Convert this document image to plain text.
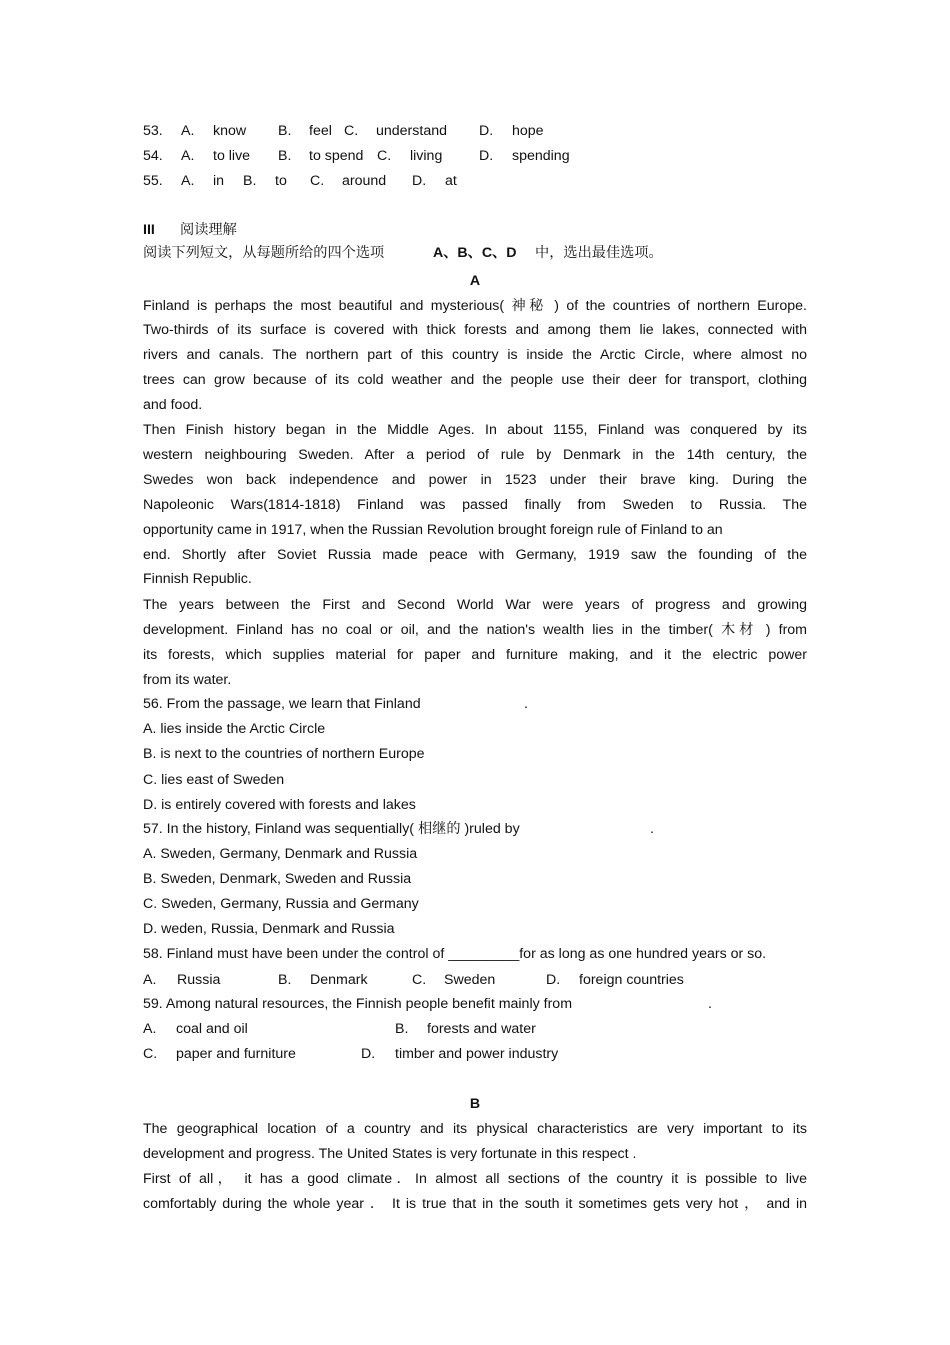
53. A. know B. feel C. understand D. hope
54. A. to live B. to spend C. living	D. spending
55. A. in B. to C. around D. at
III 阅读理解
阅读下列短文，从每题所给的四个选项	A、B、C、D 中，选出最佳选项。
A
Finland is perhaps the most beautiful and mysterious( 神秘 ) of the countries of northern Europe.
Two-thirds of its surface is covered with thick forests and among them lie lakes, connected with
rivers and canals. The northern part of this country is inside the Arctic Circle, where almost no
trees can grow because of its cold weather and the people use their deer for transport, clothing
and food.
Then Finish history began in the Middle Ages. In about 1155, Finland was conquered by its
western neighbouring Sweden. After a period of rule by Denmark in the 14th century, the
Swedes won back independence and power in 1523 under their brave king. During the
Napoleonic Wars(1814-1818) Finland was passed finally from Sweden to Russia. The
opportunity came in 1917, when the Russian Revolution brought foreign rule of Finland to an
end. Shortly after Soviet Russia made peace with Germany, 1919 saw the founding of the
Finnish Republic.
The years between the First and Second World War were years of progress and growing
development. Finland has no coal or oil, and the nation's wealth lies in the timber( 木材 ) from
its forests, which supplies material for paper and furniture making, and it the electric power
from its water.
56. From the passage, we learn that Finland	.
A. lies inside the Arctic Circle
B. is next to the countries of northern Europe
C. lies east of Sweden
D. is entirely covered with forests and lakes
57. In the history, Finland was sequentially( 相继的 )ruled by	.
A. Sweden, Germany, Denmark and Russia
B. Sweden, Denmark, Sweden and Russia
C. Sweden, Germany, Russia and Germany
D. weden, Russia, Denmark and Russia
58. Finland must have been under the control of _________for as long as one hundred years or so.
A. Russia	B. Denmark	C. Sweden	D. foreign countries
59. Among natural resources, the Finnish people benefit mainly from	.
A. coal and oil	B. forests and water
C. paper and furniture	D. timber and power industry
B
The geographical location of a country and its physical characteristics are very important to its
development and progress. The United States is very fortunate in this respect .
First of all， it has a good climate．In almost all sections of the country it is possible to live
comfortably during the whole year ． It is true that in the south it sometimes gets very hot ， and in
